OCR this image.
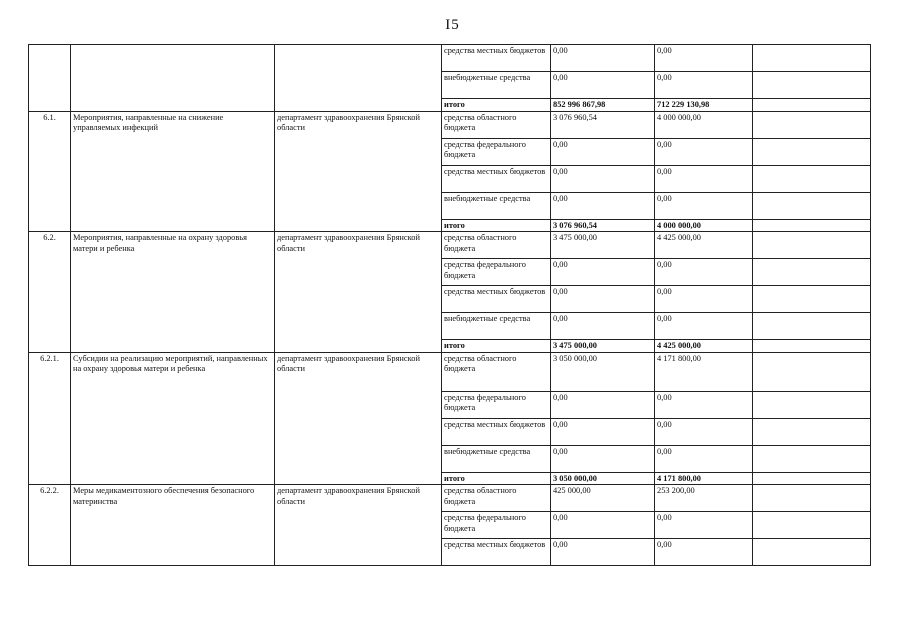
I5
			средства местных бюджетов	0,00	0,00	
			внебюджетные средства	0,00	0,00	
			итого	852 996 867,98	712 229 130,98	
6.1.	Мероприятия, направленные на снижение управляемых инфекций	департамент здравоохранения Брянской области	средства областного бюджета	3 076 960,54	4 000 000,00	
			средства федерального бюджета	0,00	0,00	
			средства местных бюджетов	0,00	0,00	
			внебюджетные средства	0,00	0,00	
			итого	3 076 960,54	4 000 000,00	
6.2.	Мероприятия, направленные на охрану здоровья матери и ребенка	департамент здравоохранения Брянской области	средства областного бюджета	3 475 000,00	4 425 000,00	
			средства федерального бюджета	0,00	0,00	
			средства местных бюджетов	0,00	0,00	
			внебюджетные средства	0,00	0,00	
			итого	3 475 000,00	4 425 000,00	
6.2.1.	Субсидии на реализацию мероприятий, направленных на охрану здоровья матери и ребенка	департамент здравоохранения Брянской области	средства областного бюджета	3 050 000,00	4 171 800,00	
			средства федерального бюджета	0,00	0,00	
			средства местных бюджетов	0,00	0,00	
			внебюджетные средства	0,00	0,00	
			итого	3 050 000,00	4 171 800,00	
6.2.2.	Меры медикаментозного обеспечения безопасного материнства	департамент здравоохранения Брянской области	средства областного бюджета	425 000,00	253 200,00	
			средства федерального бюджета	0,00	0,00	
			средства местных бюджетов	0,00	0,00	
